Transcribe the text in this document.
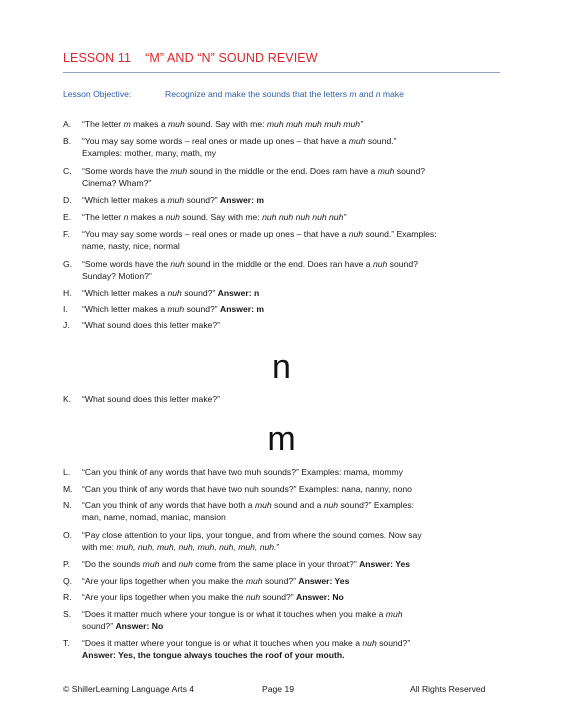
LESSON 11 “M” AND “N” SOUND REVIEW
Lesson Objective:	Recognize and make the sounds that the letters m and n make
A. “The letter m makes a muh sound. Say with me: muh muh muh muh muh”
B. “You may say some words – real ones or made up ones – that have a muh sound.”
Examples: mother, many, math, my
C. “Some words have the muh sound in the middle or the end. Does ram have a muh sound?
Cinema? Wham?”
D. “Which letter makes a muh sound?” Answer: m
E. “The letter n makes a nuh sound. Say with me: nuh nuh nuh nuh nuh”
F. “You may say some words – real ones or made up ones – that have a nuh sound.” Examples:
name, nasty, nice, normal
G. “Some words have the nuh sound in the middle or the end. Does ran have a nuh sound?
Sunday? Motion?”
H. “Which letter makes a nuh sound?” Answer: n
I. “Which letter makes a muh sound?” Answer: m
J. “What sound does this letter make?”
n
K. “What sound does this letter make?”
m
L. “Can you think of any words that have two muh sounds?” Examples: mama, mommy
M. “Can you think of any words that have two nuh sounds?” Examples: nana, nanny, nono
N. “Can you think of any words that have both a muh sound and a nuh sound?” Examples:
man, name, nomad, maniac, mansion
O. “Pay close attention to your lips, your tongue, and from where the sound comes. Now say
with me: muh, nuh, muh, nuh, muh, nuh, muh, nuh.”
P. “Do the sounds muh and nuh come from the same place in your throat?” Answer: Yes
Q. “Are your lips together when you make the muh sound?” Answer: Yes
R. “Are your lips together when you make the nuh sound?” Answer: No
S. “Does it matter much where your tongue is or what it touches when you make a muh
sound?” Answer: No
T. “Does it matter where your tongue is or what it touches when you make a nuh sound?”
Answer: Yes, the tongue always touches the roof of your mouth.
© ShillerLearning Language Arts 4	Page 19	All Rights Reserved
